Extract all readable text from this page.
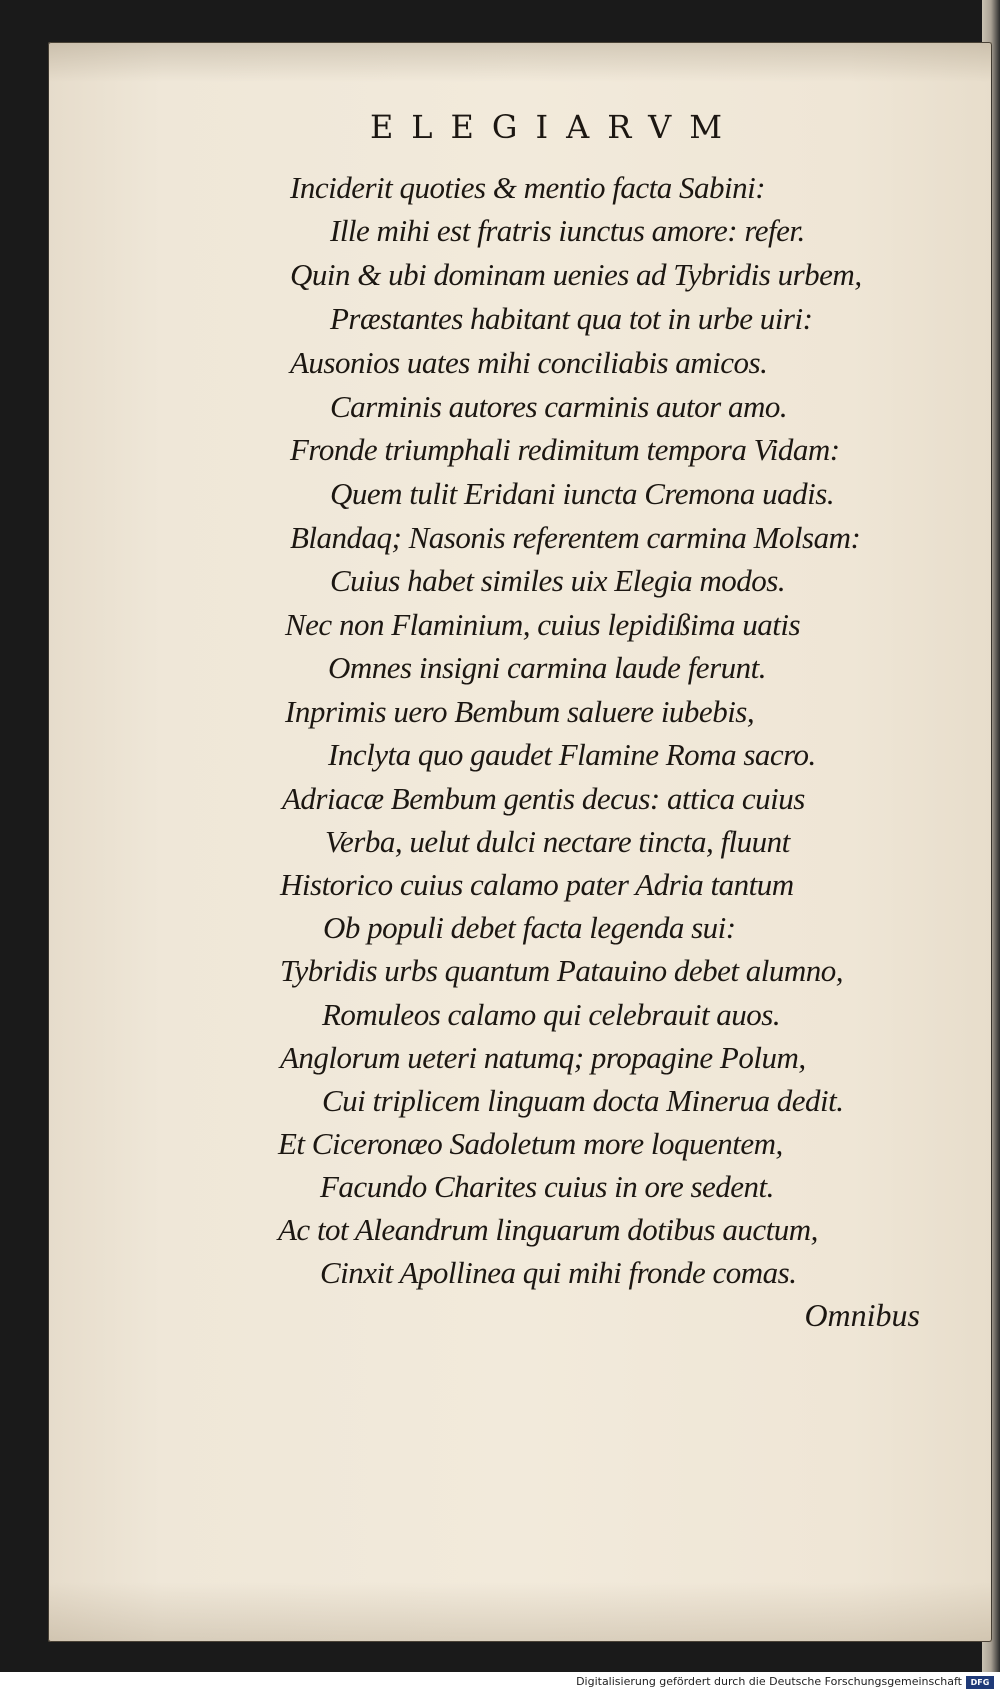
ELEGIARVM
Inciderit quoties & mentio facta Sabini:
Ille mihi est fratris iunctus amore: refer.
Quin & ubi dominam uenies ad Tybridis urbem,
Præstantes habitant qua tot in urbe uiri:
Ausonios uates mihi conciliabis amicos.
Carminis autores carminis autor amo.
Fronde triumphali redimitum tempora Vidam:
Quem tulit Eridani iuncta Cremona uadis.
Blandaq; Nasonis referentem carmina Molsam:
Cuius habet similes uix Elegia modos.
Nec non Flaminium, cuius lepidißima uatis
Omnes insigni carmina laude ferunt.
Inprimis uero Bembum saluere iubebis,
Inclyta quo gaudet Flamine Roma sacro.
Adriacæ Bembum gentis decus: attica cuius
Verba, uelut dulci nectare tincta, fluunt
Historico cuius calamo pater Adria tantum
Ob populi debet facta legenda sui:
Tybridis urbs quantum Patauino debet alumno,
Romuleos calamo qui celebrauit auos.
Anglorum ueteri natumq; propagine Polum,
Cui triplicem linguam docta Minerua dedit.
Et Ciceronæo Sadoletum more loquentem,
Facundo Charites cuius in ore sedent.
Ac tot Aleandrum linguarum dotibus auctum,
Cinxit Apollinea qui mihi fronde comas.
Omnibus
Digitalisierung gefördert durch die Deutsche Forschungsgemeinschaft	DFG
